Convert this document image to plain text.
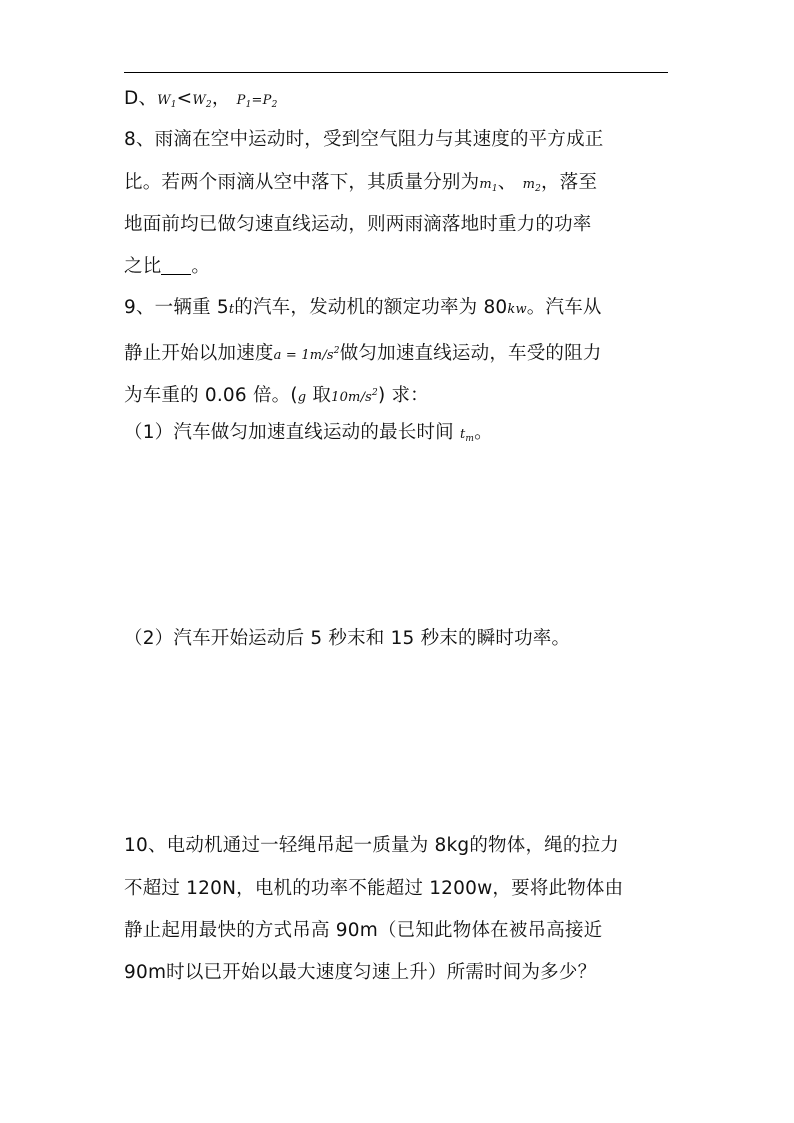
D、W1<W2， P1=P2
8、雨滴在空中运动时，受到空气阻力与其速度的平方成正
比。若两个雨滴从空中落下，其质量分别为m1、 m2，落至
地面前均已做匀速直线运动，则两雨滴落地时重力的功率
之比 。
9、一辆重 5t的汽车，发动机的额定功率为 80kw。汽车从
静止开始以加速度$a = 1m/s^2$做匀加速直线运动，车受的阻力
为车重的 0.06 倍。(g 取$10m/s^2$) 求：
（1）汽车做匀加速直线运动的最长时间 tm。
（2）汽车开始运动后 5 秒末和 15 秒末的瞬时功率。
10、电动机通过一轻绳吊起一质量为 8kg的物体，绳的拉力
不超过 120N，电机的功率不能超过 1200w，要将此物体由
静止起用最快的方式吊高 90m（已知此物体在被吊高接近
90m时以已开始以最大速度匀速上升）所需时间为多少？
